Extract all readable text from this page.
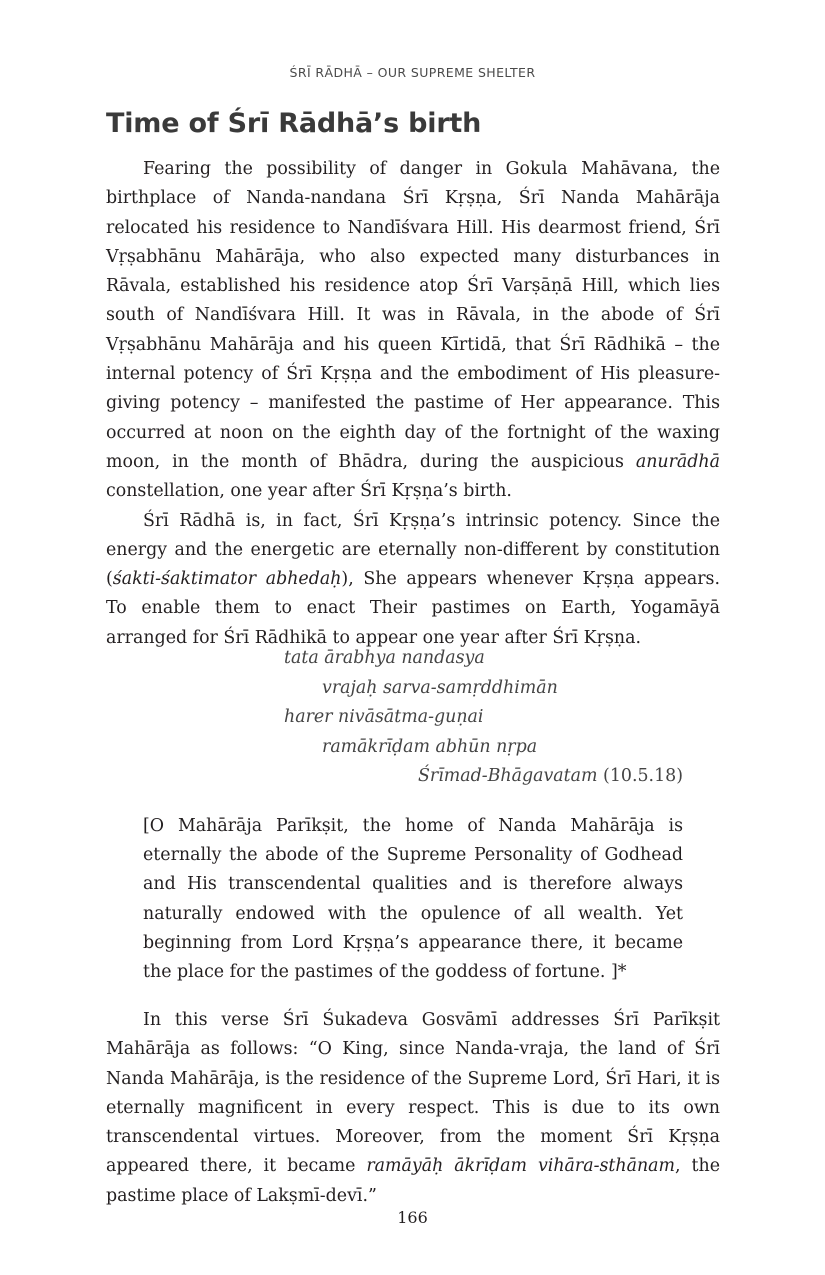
ŚRĪ RĀDHĀ – OUR SUPREME SHELTER
Time of Śrī Rādhā’s birth

Fearing the possibility of danger in Gokula Mahāvana, the birthplace of Nanda-nandana Śrī Kṛṣṇa, Śrī Nanda Mahārāja relocated his residence to Nandīśvara Hill. His dearmost friend, Śrī Vṛṣabhānu Mahārāja, who also expected many disturbances in Rāvala, established his residence atop Śrī Varṣāṇā Hill, which lies south of Nandīśvara Hill. It was in Rāvala, in the abode of Śrī Vṛṣabhānu Mahārāja and his queen Kīrtidā, that Śrī Rādhikā – the internal potency of Śrī Kṛṣṇa and the embodiment of His pleasure-giving potency – manifested the pastime of Her appearance. This occurred at noon on the eighth day of the fortnight of the waxing moon, in the month of Bhādra, during the auspicious anurādhā constellation, one year after Śrī Kṛṣṇa’s birth.

Śrī Rādhā is, in fact, Śrī Kṛṣṇa’s intrinsic potency. Since the energy and the energetic are eternally non-different by constitution (śakti-śaktimator abhedaḥ), She appears whenever Kṛṣṇa appears. To enable them to enact Their pastimes on Earth, Yogamāyā arranged for Śrī Rādhikā to appear one year after Śrī Kṛṣṇa.

tata ārabhya nandasya
vrajaḥ sarva-samṛddhimān
harer nivāsātma-guṇai
ramākrīḍam abhūn nṛpa
Śrīmad-Bhāgavatam (10.5.18)

[O Mahārāja Parīkṣit, the home of Nanda Mahārāja is eternally the abode of the Supreme Personality of Godhead and His transcendental qualities and is therefore always naturally endowed with the opulence of all wealth. Yet beginning from Lord Kṛṣṇa’s appearance there, it became the place for the pastimes of the goddess of fortune. ]*

In this verse Śrī Śukadeva Gosvāmī addresses Śrī Parīkṣit Mahārāja as follows: “O King, since Nanda-vraja, the land of Śrī Nanda Mahārāja, is the residence of the Supreme Lord, Śrī Hari, it is eternally magnificent in every respect. This is due to its own transcendental virtues. Moreover, from the moment Śrī Kṛṣṇa appeared there, it became ramāyāḥ ākrīḍam vihāra-sthānam, the pastime place of Lakṣmī-devī.”

166
